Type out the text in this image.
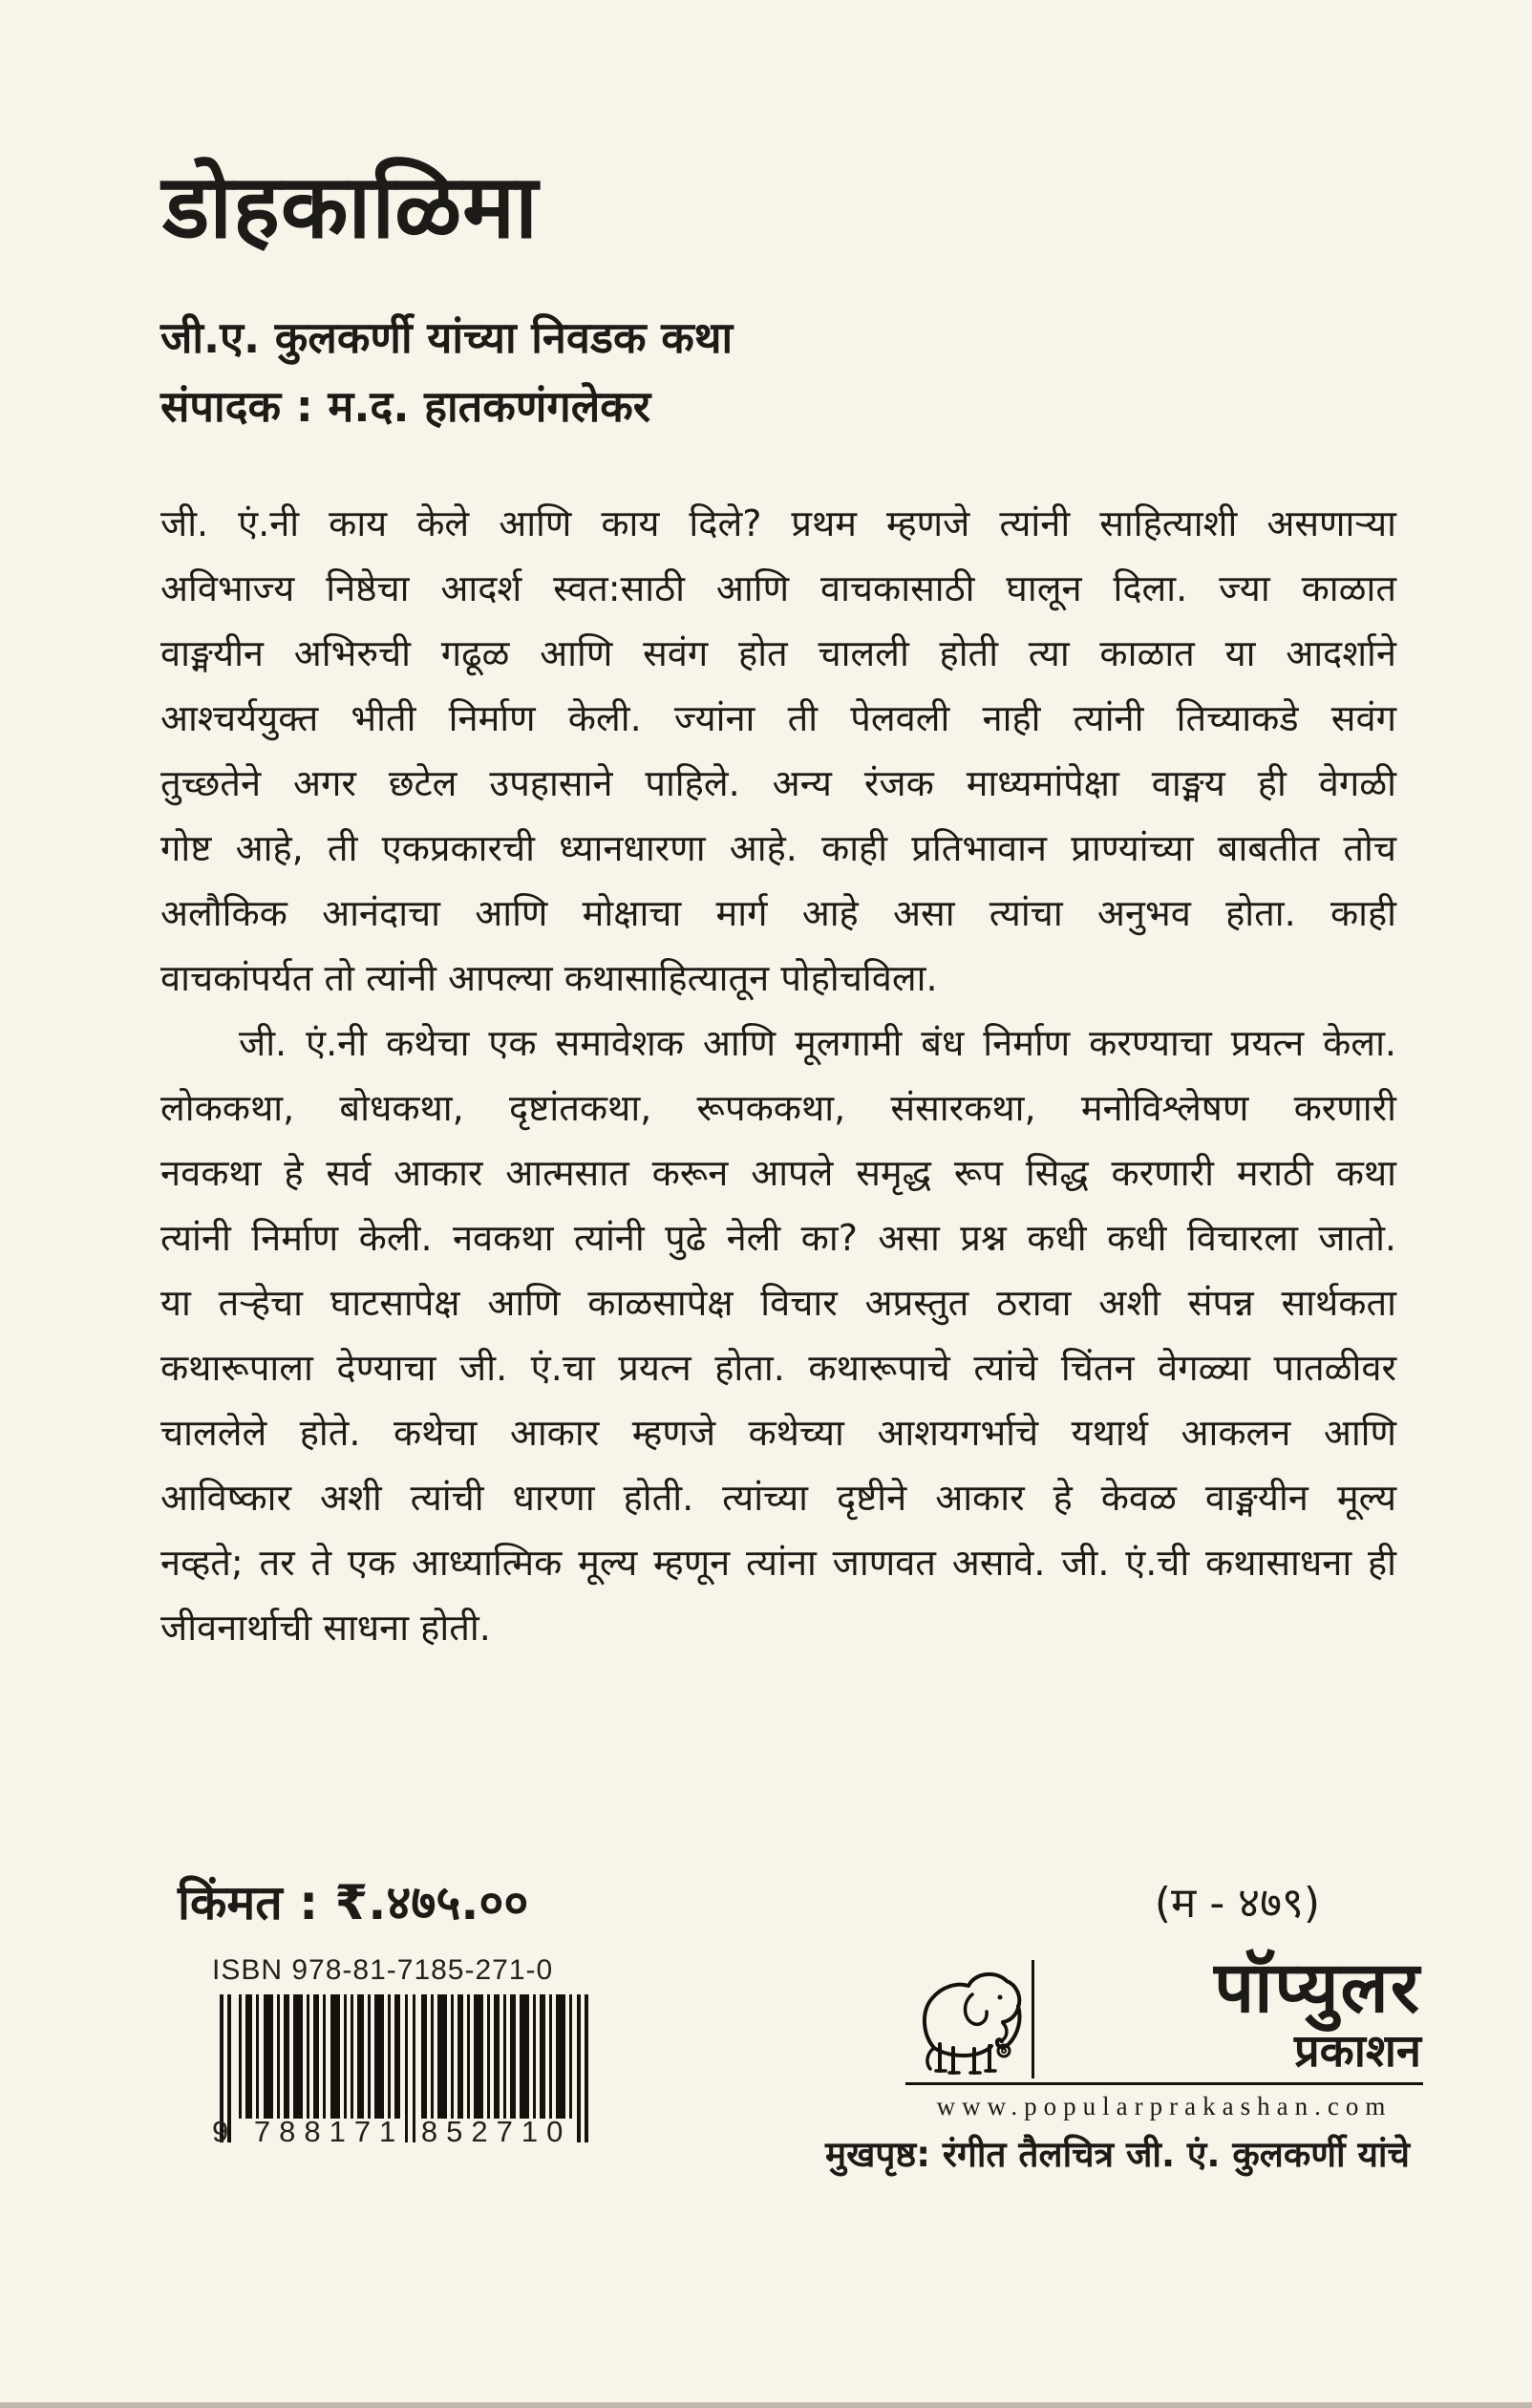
डोहकाळिमा
जी.ए. कुलकर्णी यांच्या निवडक कथा
संपादक : म.द. हातकणंगलेकर
जी. एं.नी काय केले आणि काय दिले? प्रथम म्हणजे त्यांनी साहित्याशी असणाऱ्या
अविभाज्य निष्ठेचा आदर्श स्वत:साठी आणि वाचकासाठी घालून दिला. ज्या काळात
वाङ्मयीन अभिरुची गढूळ आणि सवंग होत चालली होती त्या काळात या आदर्शाने
आश्चर्ययुक्त भीती निर्माण केली. ज्यांना ती पेलवली नाही त्यांनी तिच्याकडे सवंग
तुच्छतेने अगर छटेल उपहासाने पाहिले. अन्य रंजक माध्यमांपेक्षा वाङ्मय ही वेगळी
गोष्ट आहे, ती एकप्रकारची ध्यानधारणा आहे. काही प्रतिभावान प्राण्यांच्या बाबतीत तोच
अलौकिक आनंदाचा आणि मोक्षाचा मार्ग आहे असा त्यांचा अनुभव होता. काही
वाचकांपर्यत तो त्यांनी आपल्या कथासाहित्यातून पोहोचविला.
जी. एं.नी कथेचा एक समावेशक आणि मूलगामी बंध निर्माण करण्याचा प्रयत्न केला.
लोककथा, बोधकथा, दृष्टांतकथा, रूपककथा, संसारकथा, मनोविश्लेषण करणारी
नवकथा हे सर्व आकार आत्मसात करून आपले समृद्ध रूप सिद्ध करणारी मराठी कथा
त्यांनी निर्माण केली. नवकथा त्यांनी पुढे नेली का? असा प्रश्न कधी कधी विचारला जातो.
या तऱ्हेचा घाटसापेक्ष आणि काळसापेक्ष विचार अप्रस्तुत ठरावा अशी संपन्न सार्थकता
कथारूपाला देण्याचा जी. एं.चा प्रयत्न होता. कथारूपाचे त्यांचे चिंतन वेगळ्या पातळीवर
चाललेले होते. कथेचा आकार म्हणजे कथेच्या आशयगर्भाचे यथार्थ आकलन आणि
आविष्कार अशी त्यांची धारणा होती. त्यांच्या दृष्टीने आकार हे केवळ वाङ्मयीन मूल्य
नव्हते; तर ते एक आध्यात्मिक मूल्य म्हणून त्यांना जाणवत असावे. जी. एं.ची कथासाधना ही
जीवनार्थाची साधना होती.
किंमत : ₹.४७५.००	(म - ४७९)
ISBN 978-81-7185-271-0
9 788171 852710
पॉप्युलर
प्रकाशन
www.popularprakashan.com
मुखपृष्ठ: रंगीत तैलचित्र जी. एं. कुलकर्णी यांचे
